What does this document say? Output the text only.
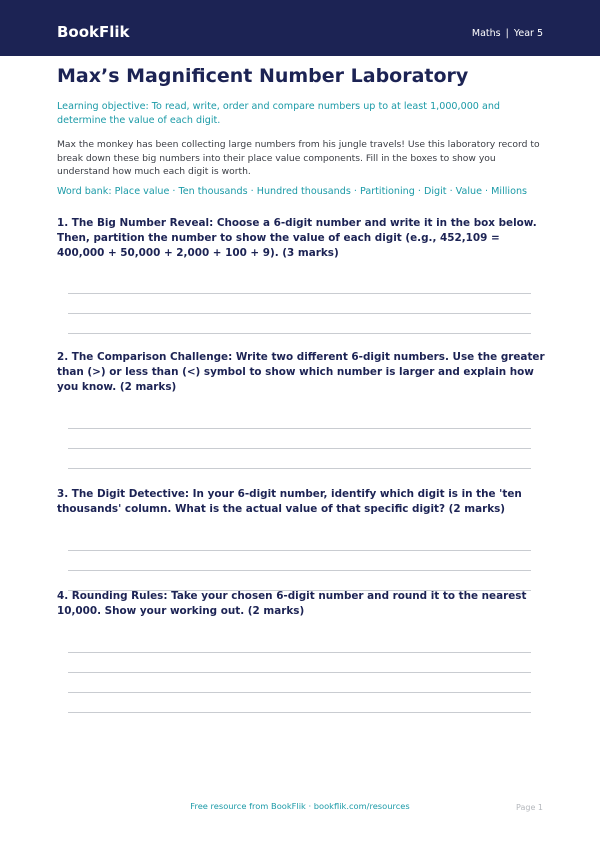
BookFlik	Maths | Year 5
Max’s Magnificent Number Laboratory
Learning objective: To read, write, order and compare numbers up to at least 1,000,000 and determine the value of each digit.
Max the monkey has been collecting large numbers from his jungle travels! Use this laboratory record to break down these big numbers into their place value components. Fill in the boxes to show you understand how much each digit is worth.
Word bank: Place value · Ten thousands · Hundred thousands · Partitioning · Digit · Value · Millions
1. The Big Number Reveal: Choose a 6-digit number and write it in the box below. Then, partition the number to show the value of each digit (e.g., 452,109 = 400,000 + 50,000 + 2,000 + 100 + 9). (3 marks)
2. The Comparison Challenge: Write two different 6-digit numbers. Use the greater than (>) or less than (<) symbol to show which number is larger and explain how you know. (2 marks)
3. The Digit Detective: In your 6-digit number, identify which digit is in the 'ten thousands' column. What is the actual value of that specific digit? (2 marks)
4. Rounding Rules: Take your chosen 6-digit number and round it to the nearest 10,000. Show your working out. (2 marks)
Free resource from BookFlik · bookflik.com/resources	Page 1
